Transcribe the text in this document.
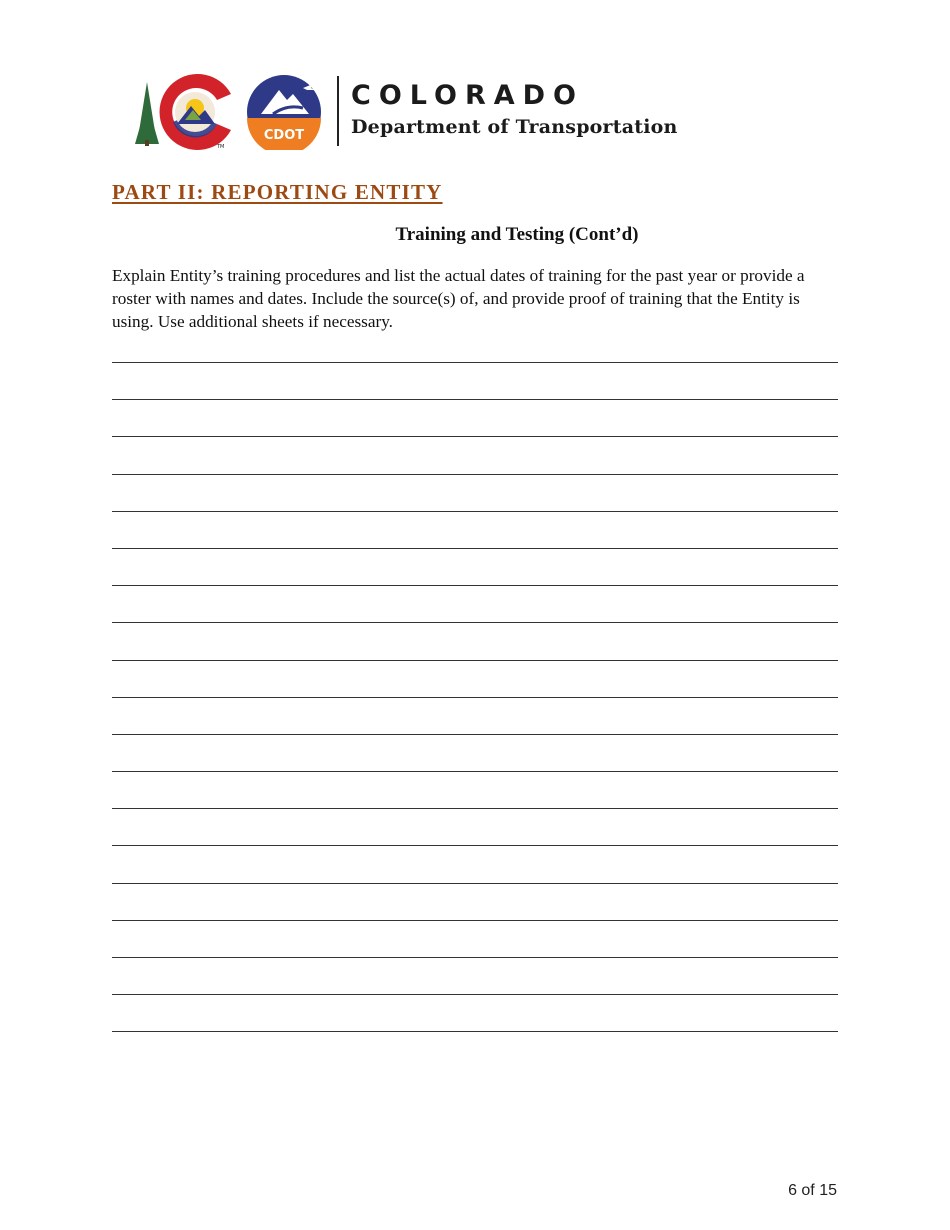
TM
CDOT
COLORADO
Department of Transportation
PART II: REPORTING ENTITY
Training and Testing (Cont’d)
Explain Entity’s training procedures and list the actual dates of training for the past year or provide a roster with names and dates. Include the source(s) of, and provide proof of training that the Entity is using. Use additional sheets if necessary.
6 of 15
